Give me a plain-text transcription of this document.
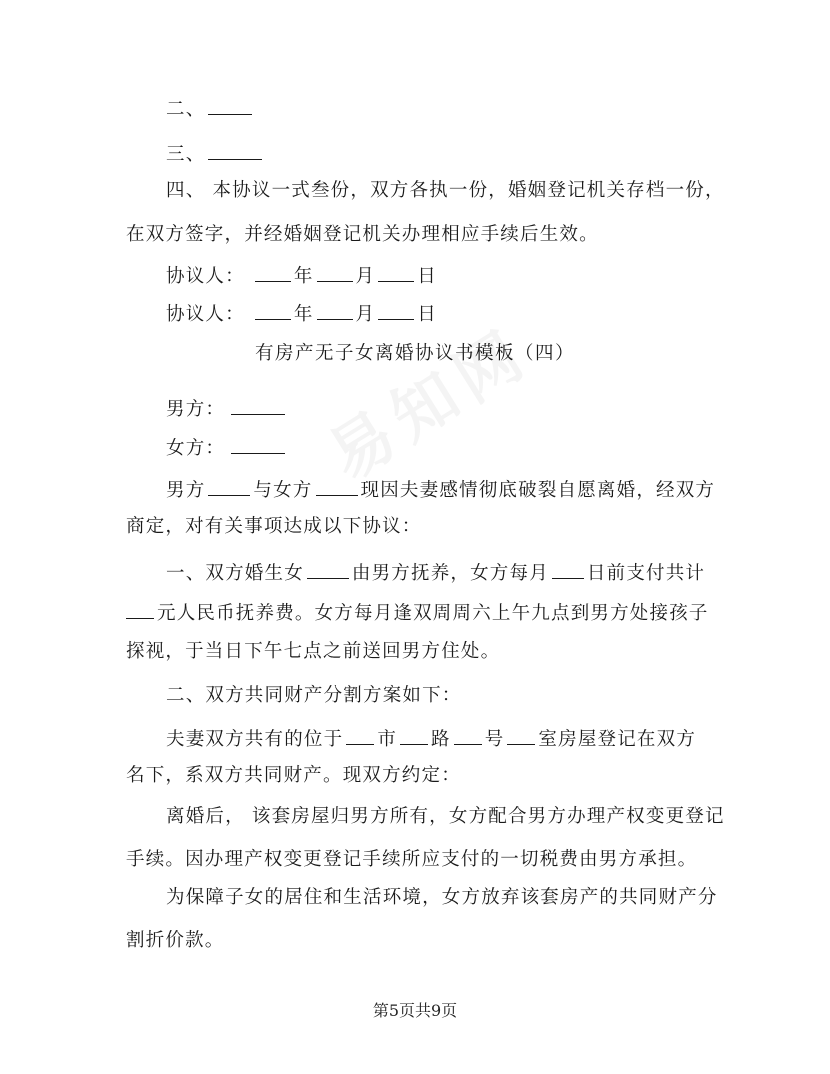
二、
三、
四、 本协议一式叁份，双方各执一份，婚姻登记机关存档一份，
在双方签字，并经婚姻登记机关办理相应手续后生效。
协议人：	年 月 日
协议人：	年 月 日
有房产无子女离婚协议书模板（四）
男方：
女方：
男方	与女方	现因夫妻感情彻底破裂自愿离婚，经双方
商定，对有关事项达成以下协议：
一、双方婚生女	由男方抚养，女方每月 日前支付共计
元人民币抚养费。女方每月逢双周周六上午九点到男方处接孩子
探视，于当日下午七点之前送回男方住处。
二、双方共同财产分割方案如下：
夫妻双方共有的位于 市 路 号 室房屋登记在双方
名下，系双方共同财产。现双方约定：
离婚后， 该套房屋归男方所有，女方配合男方办理产权变更登记
手续。因办理产权变更登记手续所应支付的一切税费由男方承担。
为保障子女的居住和生活环境，女方放弃该套房产的共同财产分
割折价款。
第5页共9页
